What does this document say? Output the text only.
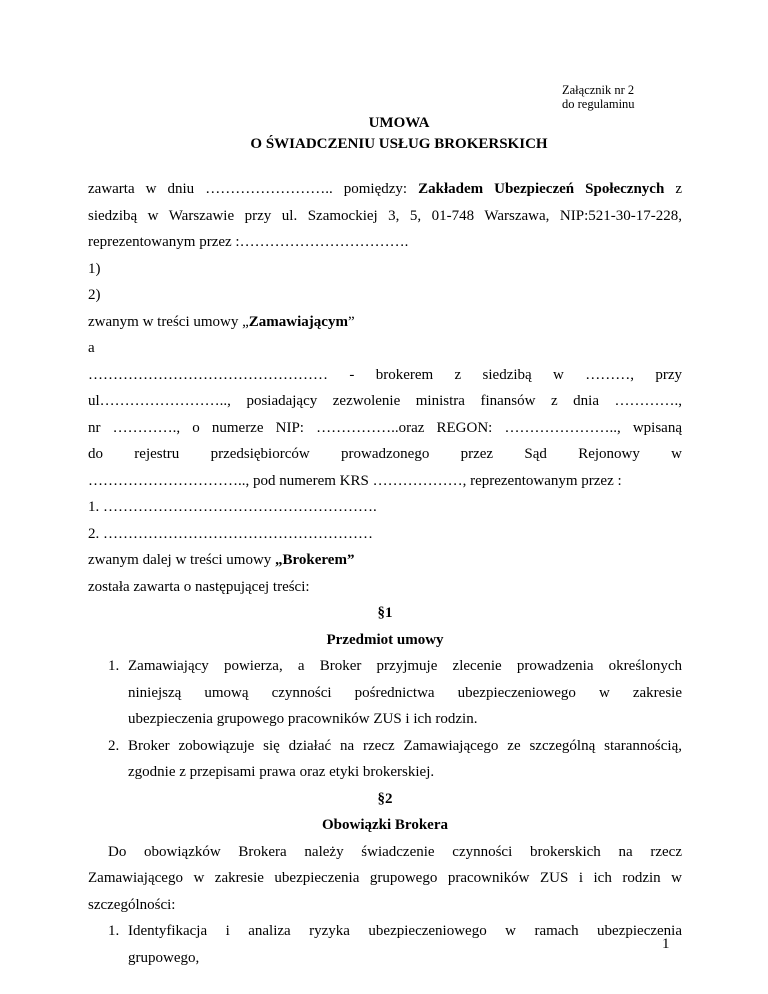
Załącznik nr 2
do regulaminu
UMOWA
O ŚWIADCZENIU USŁUG BROKERSKICH
zawarta w dniu …………………….. pomiędzy: Zakładem Ubezpieczeń Społecznych z
siedzibą w Warszawie przy ul. Szamockiej 3, 5, 01-748 Warszawa, NIP:521-30-17-228,
reprezentowanym przez :…………………………….
1)
2)
zwanym w treści umowy „Zamawiającym”
a
………………………………………… - brokerem z siedzibą w ………, przy
ul…………………….., posiadający zezwolenie ministra finansów z dnia ………….,
nr …………., o numerze NIP: ……………..oraz REGON: ………………….., wpisaną
do rejestru przedsiębiorców prowadzonego przez Sąd Rejonowy w
………………………….., pod numerem KRS ………………, reprezentowanym przez :
1. ……………………………………………….
2. ………………………………………………
zwanym dalej w treści umowy „Brokerem”
została zawarta o następującej treści:
§1
Przedmiot umowy
1. Zamawiający powierza, a Broker przyjmuje zlecenie prowadzenia określonych
niniejszą umową czynności pośrednictwa ubezpieczeniowego w zakresie
ubezpieczenia grupowego pracowników ZUS i ich rodzin.
2. Broker zobowiązuje się działać na rzecz Zamawiającego ze szczególną starannością,
zgodnie z przepisami prawa oraz etyki brokerskiej.
§2
Obowiązki Brokera
Do obowiązków Brokera należy świadczenie czynności brokerskich na rzecz
Zamawiającego w zakresie ubezpieczenia grupowego pracowników ZUS i ich rodzin w
szczególności:
1. Identyfikacja i analiza ryzyka ubezpieczeniowego w ramach ubezpieczenia
grupowego,
1
